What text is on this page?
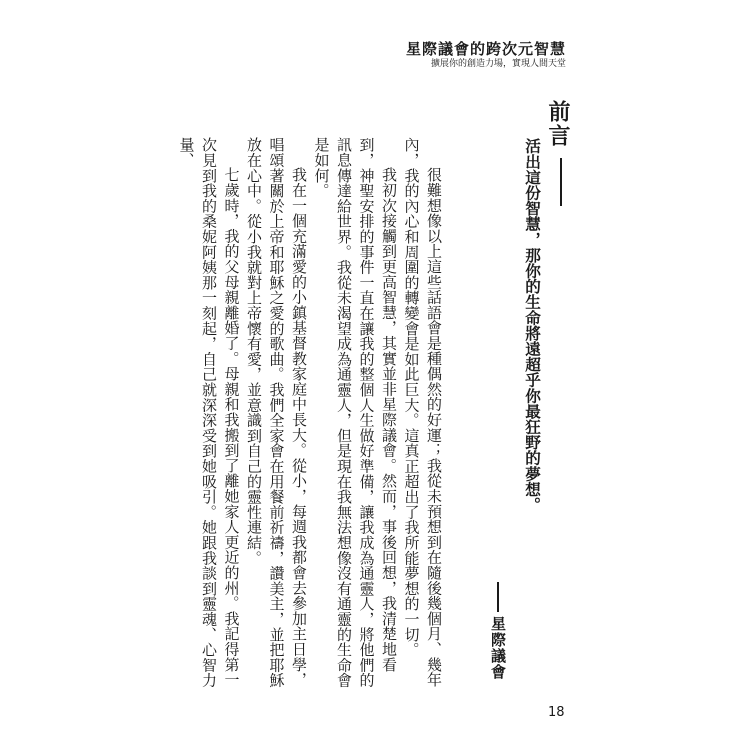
星際議會的跨次元智慧
擴展你的創造力場，實現人間天堂
前言
活出這份智慧，那你的生命將遠超乎你最狂野的夢想。
星際議會

很難想像以上這些話語會是種偶然的好運；我從未預想到在隨後幾個月、幾年內，我的內心和周圍的轉變會是如此巨大。這真正超出了我所能夢想的一切。

我初次接觸到更高智慧，其實並非星際議會。然而，事後回想，我清楚地看到，神聖安排的事件一直在讓我的整個人生做好準備，讓我成為通靈人，將他們的訊息傳達給世界。我從未渴望成為通靈人，但是現在我無法想像沒有通靈的生命會是如何。

我在一個充滿愛的小鎮基督教家庭中長大。從小，每週我都會去參加主日學，唱頌著關於上帝和耶穌之愛的歌曲。我們全家會在用餐前祈禱，讚美主，並把耶穌放在心中。從小我就對上帝懷有愛，並意識到自己的靈性連結。

七歲時，我的父母親離婚了。母親和我搬到了離她家人更近的州。我記得第一次見到我的桑妮阿姨那一刻起，自己就深深受到她吸引。她跟我談到靈魂、心智力量、

18
